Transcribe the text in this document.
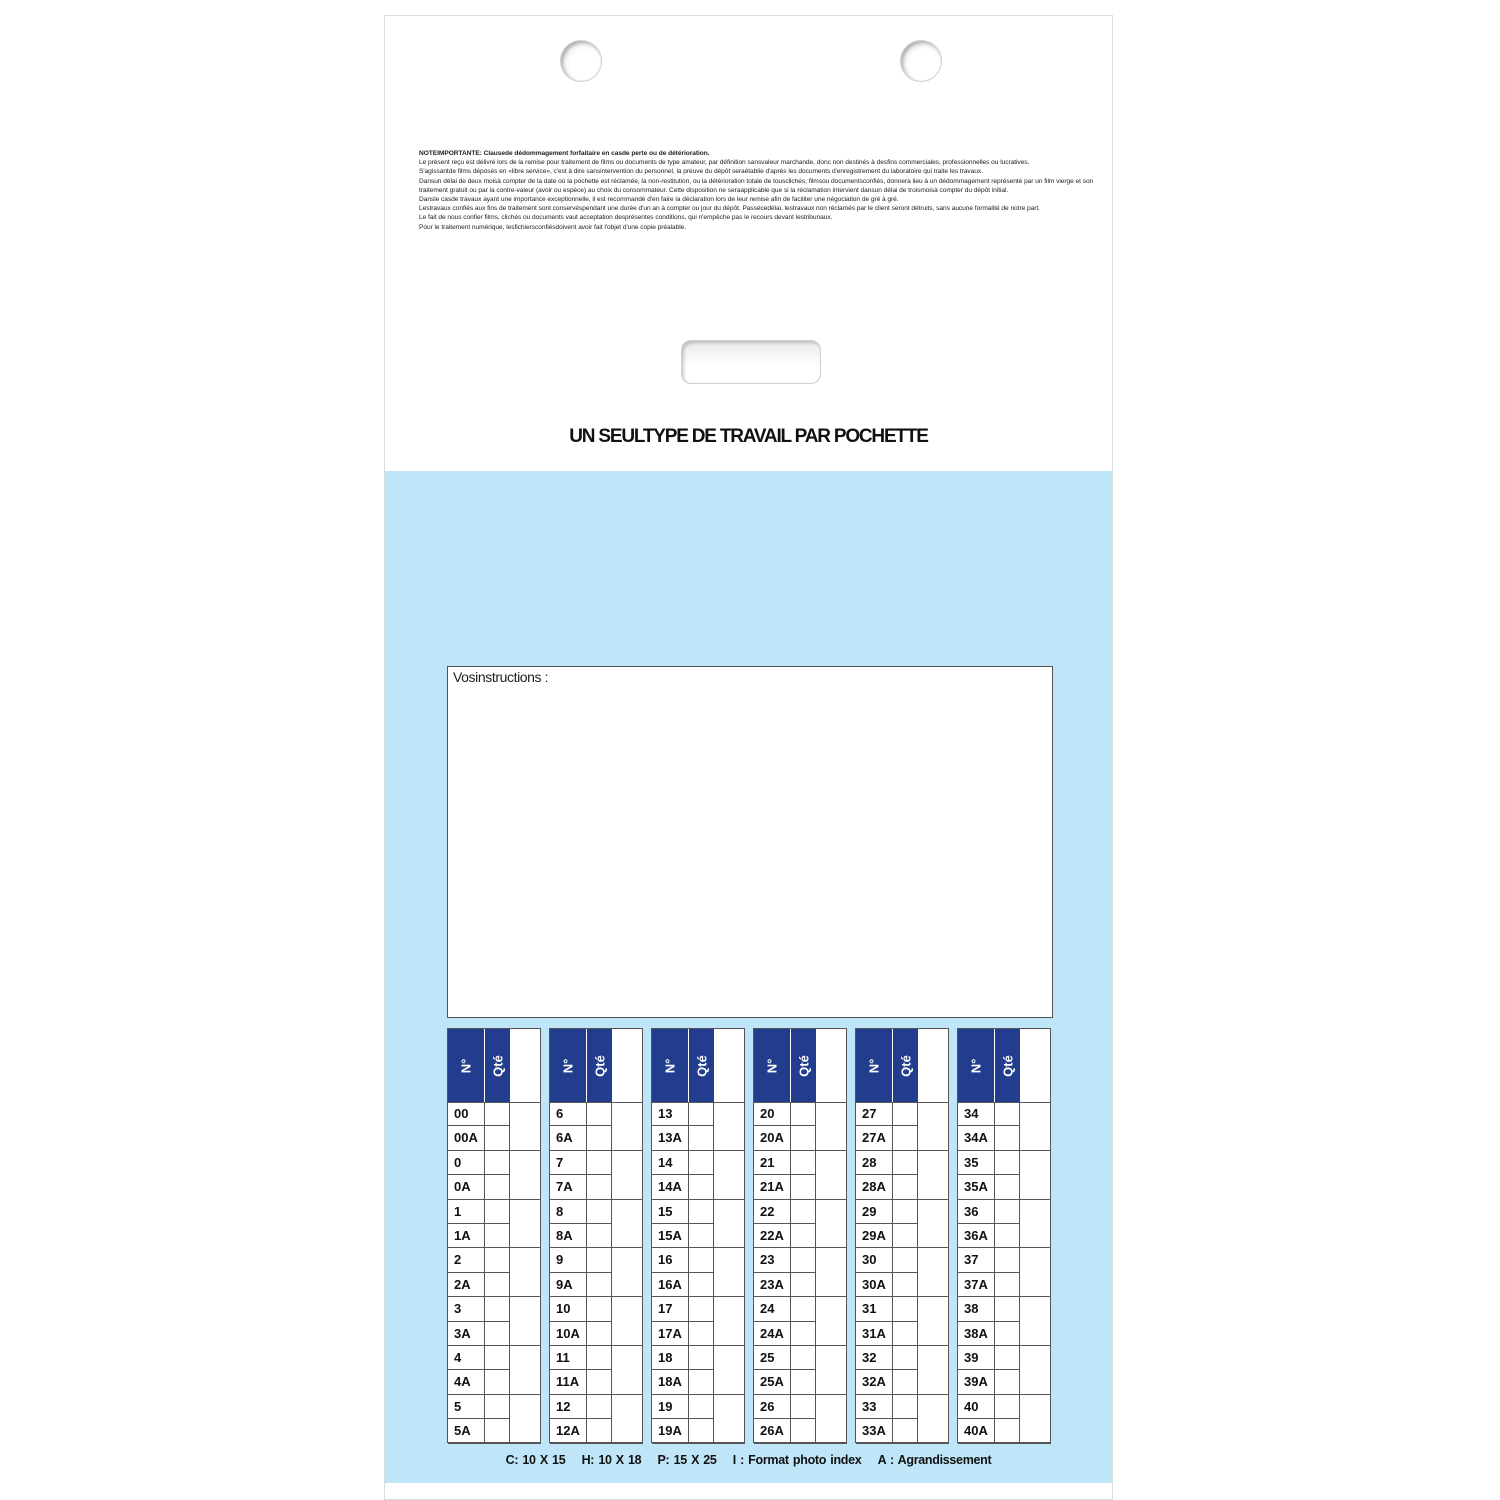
NOTEIMPORTANTE: Clausede dédommagement forfaitaire en casde perte ou de détérioration.
Le présent reçu est délivré lors de la remise pour traitement de films ou documents de type amateur, par définition sansvaleur marchande, donc non destinés à desfins commerciales, professionnelles ou lucratives.
S'agissantde films déposés en «libre service», c'est à dire sansintervention du personnel, la preuve du dépôt seraétablie d'après les documents d'enregistrement du laboratoire qui traite les travaux.
Dansun délai de deux moisà compter de la date où la pochette est réclamée, la non-restitution, ou la détérioration totale de tousclichés, filmsou documentsconfiés, donnera lieu à un dédommagement représenté par un film vierge et son traitement gratuit ou par la contre-valeur (avoir ou espèce) au choix du consommateur. Cette disposition ne seraapplicable que si la réclamation intervient dansun délai de troismoisà compter du dépôt initial.
Dansle casde travaux ayant une importance exceptionnelle, il est recommandé d'en faire la déclaration lors de leur remise afin de faciliter une négociation de gré à gré.
Lestravaux confiés aux fins de traitement sont conservéspendant une durée d'un an à compter ou jour du dépôt. Passécedélai, lestravaux non réclamés par le client seront détruits, sans aucune formalité de notre part.
Le fait de nous confier films, clichés ou documents vaut acceptation desprésentes conditions, qui n'empêche pas le recours devant lestribunaux.
Pour le traitement numérique, lesfichiersconfiésdoivent avoir fait l'objet d'une copie préalable.
UN SEULTYPE DE TRAVAIL PAR POCHETTE
Vosinstructions :
N° Qté
00
00A
0
0A
1
1A
2
2A
3
3A
4
4A
5
5A
N° Qté
6
6A
7
7A
8
8A
9
9A
10
10A
11
11A
12
12A
N° Qté
13
13A
14
14A
15
15A
16
16A
17
17A
18
18A
19
19A
N° Qté
20
20A
21
21A
22
22A
23
23A
24
24A
25
25A
26
26A
N° Qté
27
27A
28
28A
29
29A
30
30A
31
31A
32
32A
33
33A
N° Qté
34
34A
35
35A
36
36A
37
37A
38
38A
39
39A
40
40A
C: 10 X 15 H: 10 X 18 P: 15 X 25 I : Format photo index A : Agrandissement
